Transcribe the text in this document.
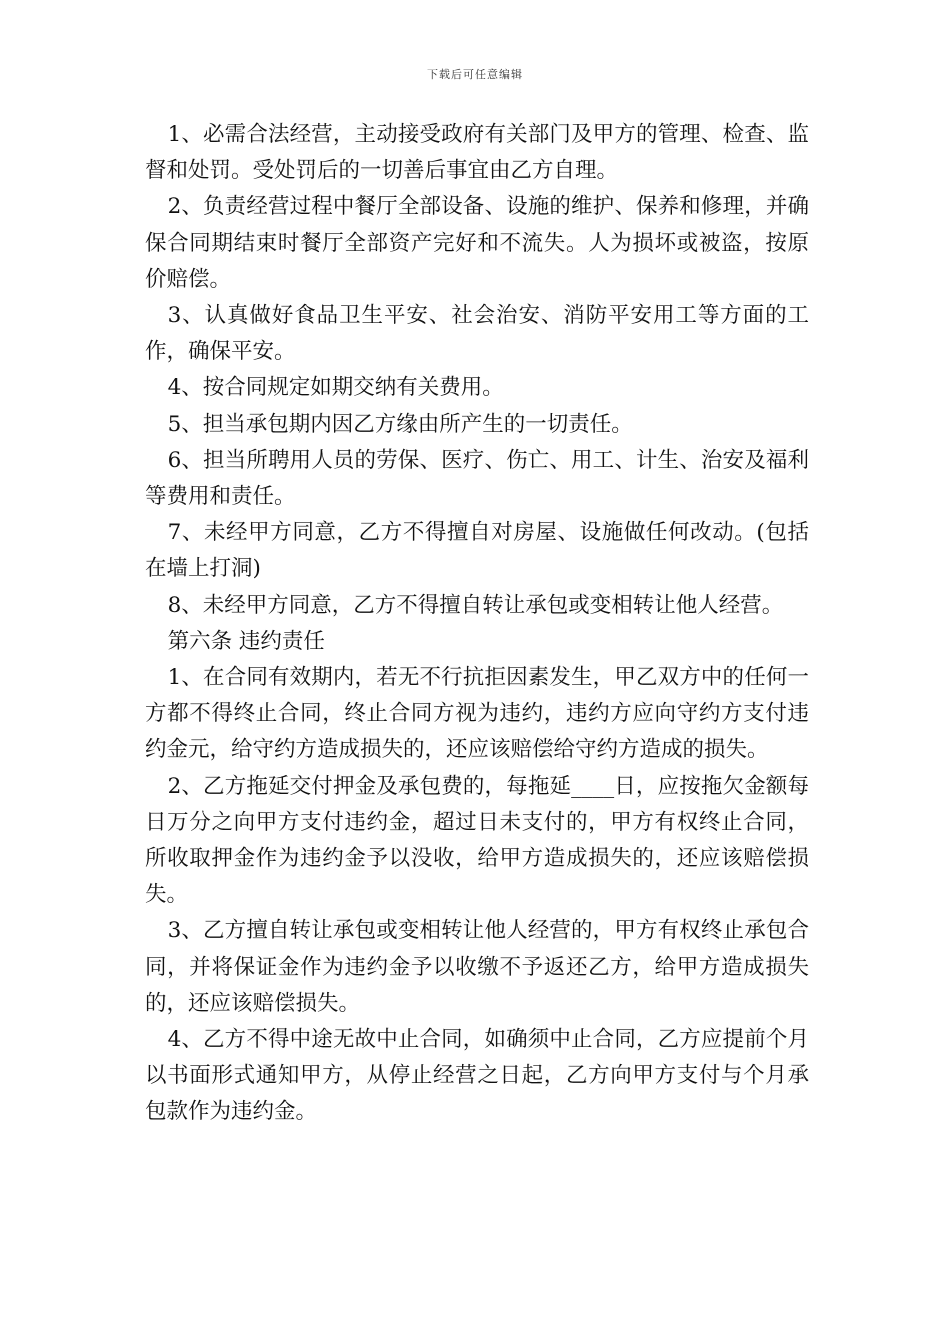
下载后可任意编辑

1、必需合法经营，主动接受政府有关部门及甲方的管理、检查、监督和处罚。受处罚后的一切善后事宜由乙方自理。

2、负责经营过程中餐厅全部设备、设施的维护、保养和修理，并确保合同期结束时餐厅全部资产完好和不流失。人为损坏或被盗，按原价赔偿。

3、认真做好食品卫生平安、社会治安、消防平安用工等方面的工作，确保平安。

4、按合同规定如期交纳有关费用。

5、担当承包期内因乙方缘由所产生的一切责任。

6、担当所聘用人员的劳保、医疗、伤亡、用工、计生、治安及福利等费用和责任。

7、未经甲方同意，乙方不得擅自对房屋、设施做任何改动。(包括在墙上打洞)

8、未经甲方同意，乙方不得擅自转让承包或变相转让他人经营。

第六条 违约责任

1、在合同有效期内，若无不行抗拒因素发生，甲乙双方中的任何一方都不得终止合同，终止合同方视为违约，违约方应向守约方支付违约金元，给守约方造成损失的，还应该赔偿给守约方造成的损失。

2、乙方拖延交付押金及承包费的，每拖延____日，应按拖欠金额每日万分之向甲方支付违约金，超过日未支付的，甲方有权终止合同，所收取押金作为违约金予以没收，给甲方造成损失的，还应该赔偿损失。

3、乙方擅自转让承包或变相转让他人经营的，甲方有权终止承包合同，并将保证金作为违约金予以收缴不予返还乙方，给甲方造成损失的，还应该赔偿损失。

4、乙方不得中途无故中止合同，如确须中止合同，乙方应提前个月以书面形式通知甲方，从停止经营之日起，乙方向甲方支付与个月承包款作为违约金。
